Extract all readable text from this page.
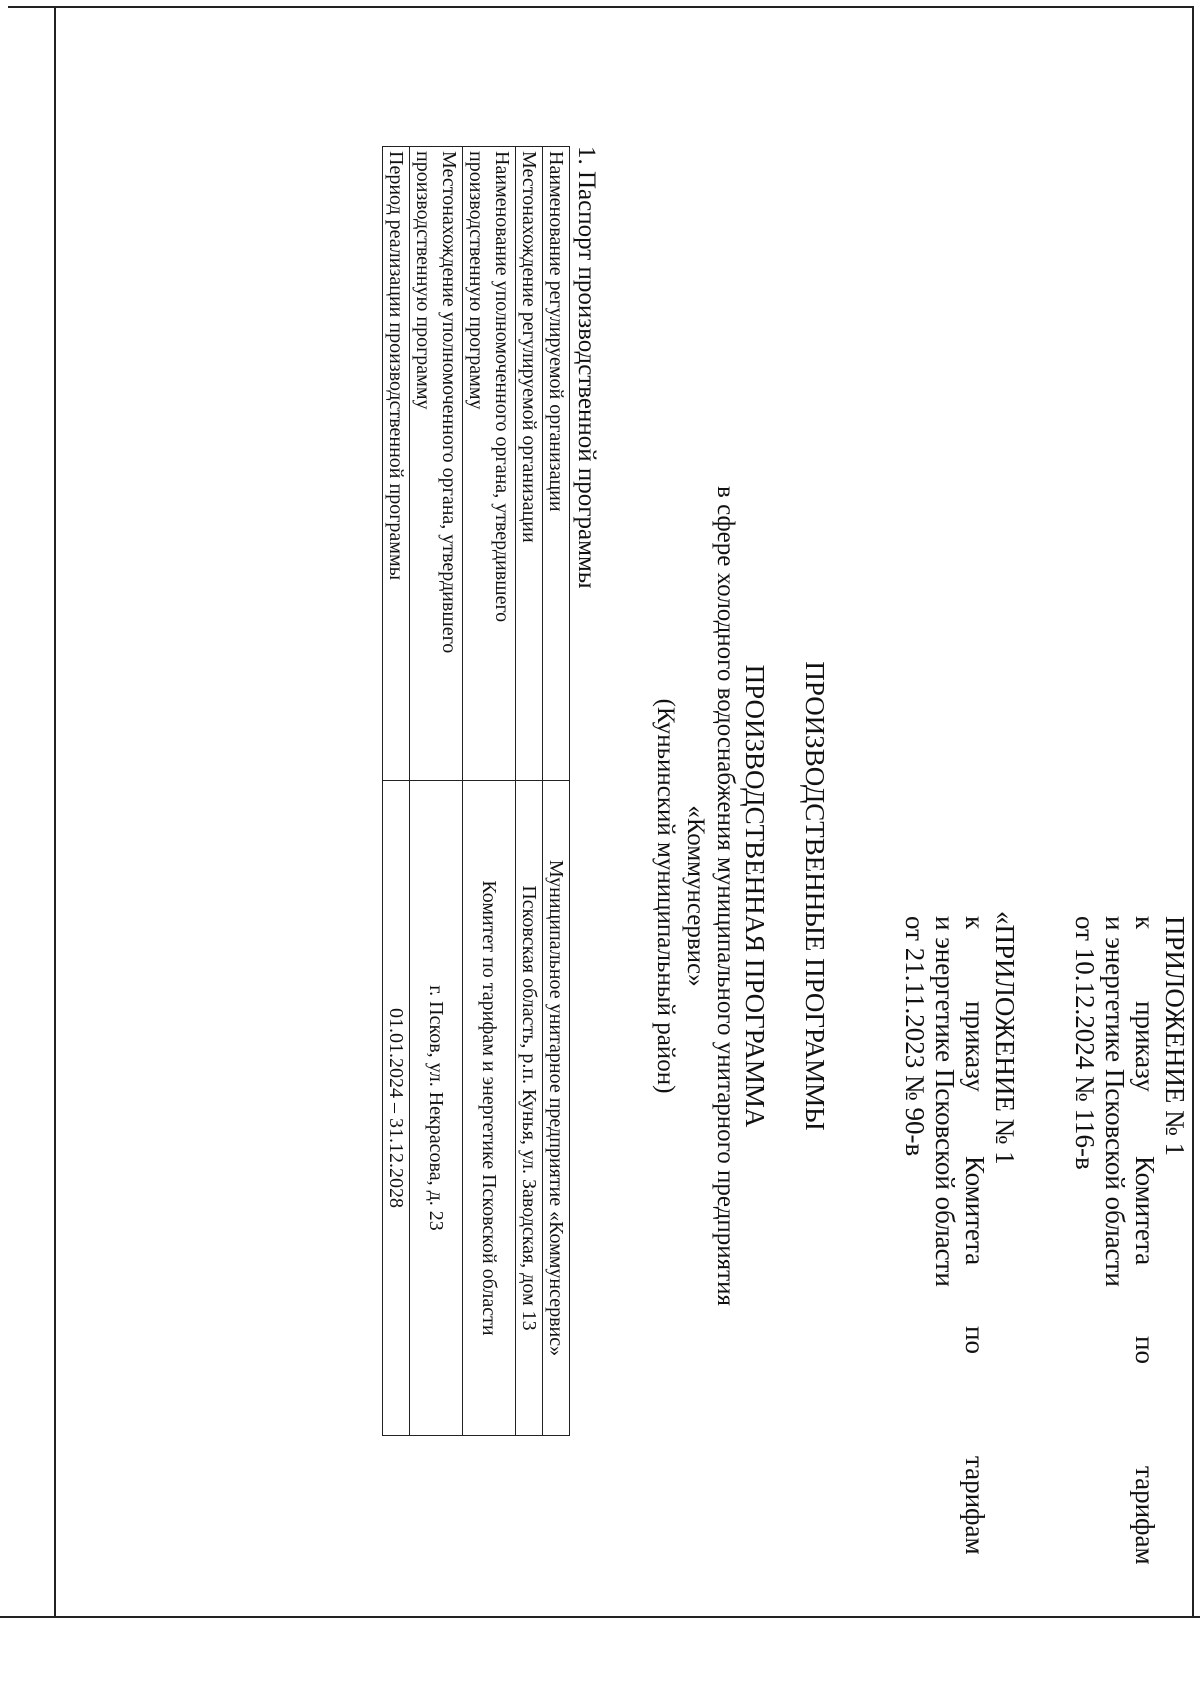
ПРИЛОЖЕНИЕ № 1
к
приказу
Комитета
по
тарифам
и энергетике Псковской области
от 10.12.2024 № 116-в
«ПРИЛОЖЕНИЕ № 1
к
приказу
Комитета
по
тарифам
и энергетике Псковской области
от 21.11.2023 № 90-в
ПРОИЗВОДСТВЕННЫЕ ПРОГРАММЫ
ПРОИЗВОДСТВЕННАЯ ПРОГРАММА
в сфере холодного водоснабжения муниципального унитарного предприятия
«Коммунсервис»
(Куньинский муниципальный район)
1. Паспорт производственной программы
Наименование регулируемой организации	Муниципальное унитарное предприятие «Коммунсервис»
Местонахождение регулируемой организации	Псковская область, р.п. Кунья, ул. Заводская, дом 13
Наименование уполномоченного органа, утвердившего производственную программу	Комитет по тарифам и энергетике Псковской области
Местонахождение уполномоченного органа, утвердившего производственную программу	г. Псков, ул. Некрасова, д. 23
Период реализации производственной программы	01.01.2024 – 31.12.2028
